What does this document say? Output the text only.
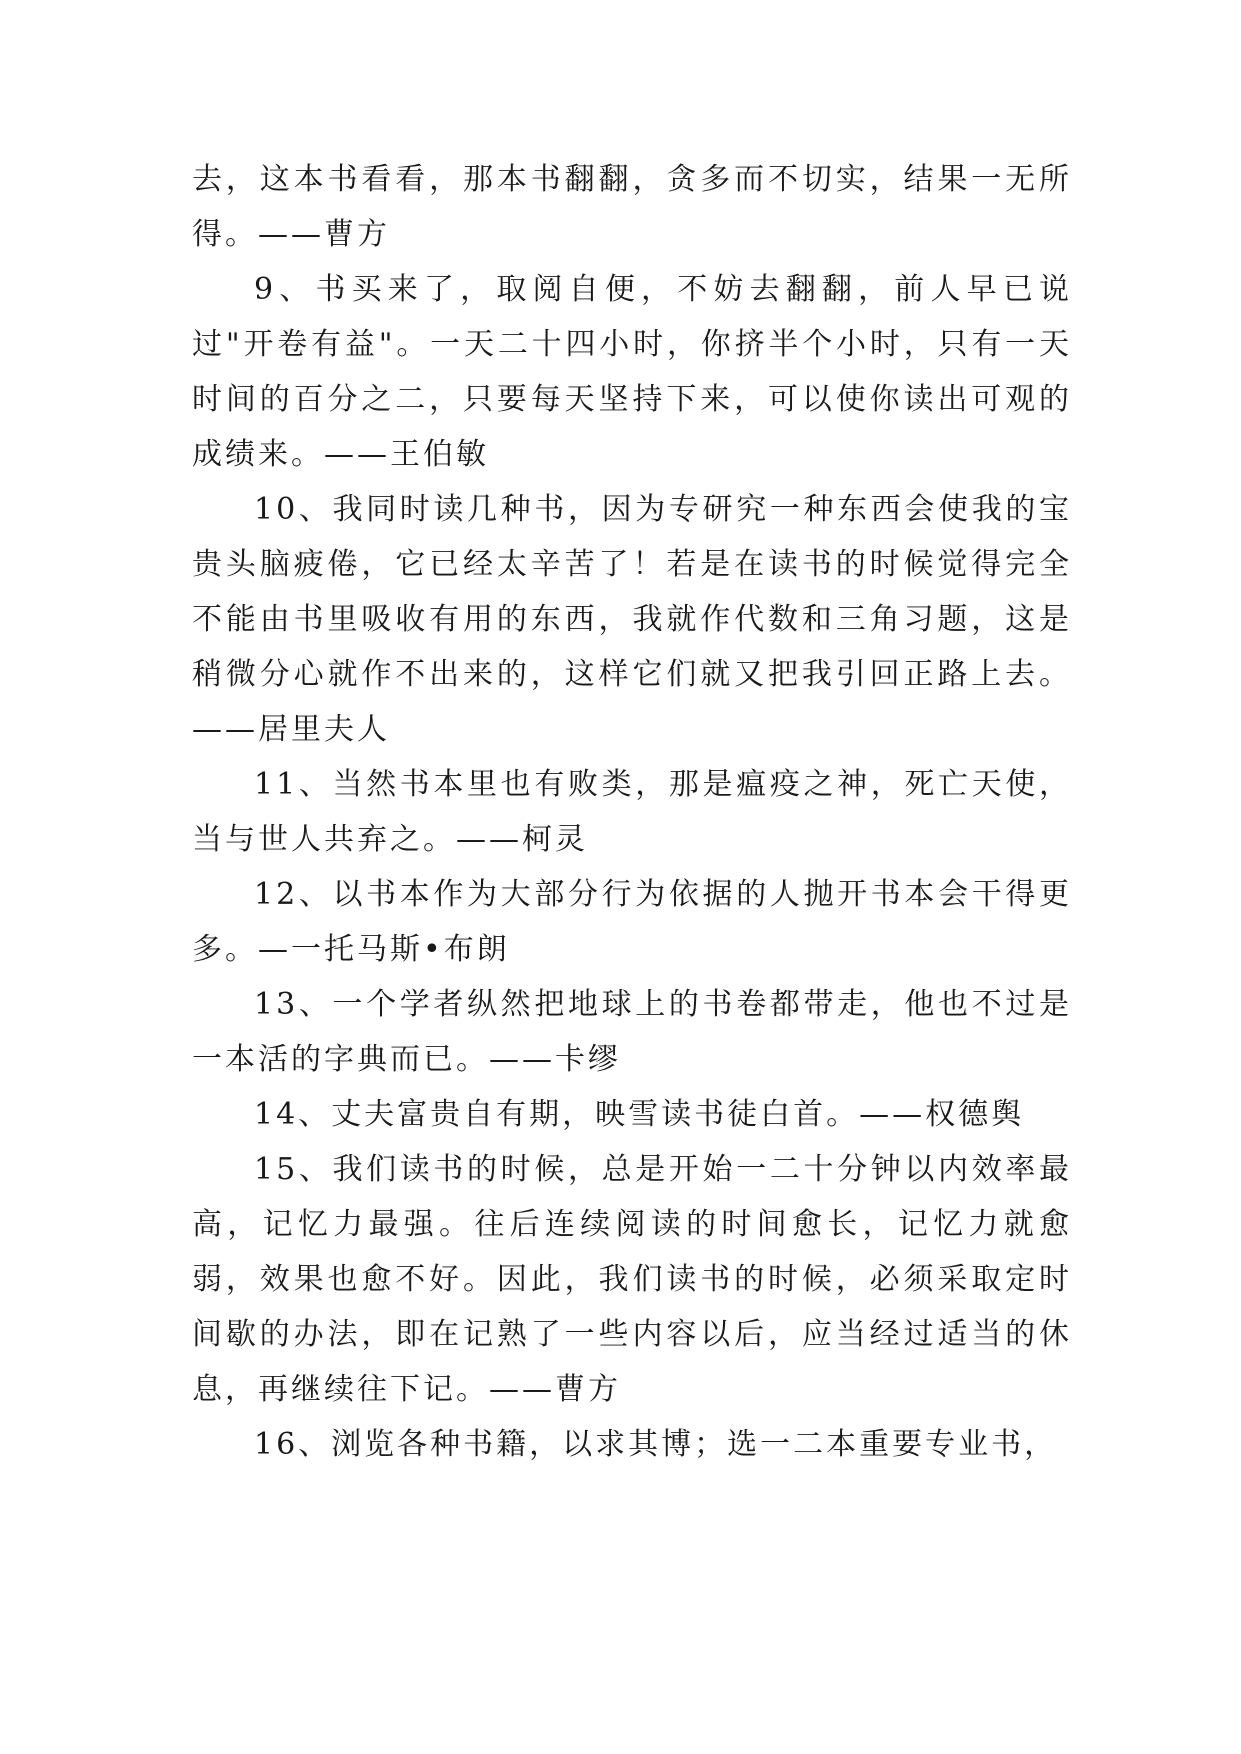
去，这本书看看，那本书翻翻，贪多而不切实，结果一无所得。——曹方

9、书买来了，取阅自便，不妨去翻翻，前人早已说过"开卷有益"。一天二十四小时，你挤半个小时，只有一天时间的百分之二，只要每天坚持下来，可以使你读出可观的成绩来。——王伯敏

10、我同时读几种书，因为专研究一种东西会使我的宝贵头脑疲倦，它已经太辛苦了！若是在读书的时候觉得完全不能由书里吸收有用的东西，我就作代数和三角习题，这是稍微分心就作不出来的，这样它们就又把我引回正路上去。——居里夫人

11、当然书本里也有败类，那是瘟疫之神，死亡天使，当与世人共弃之。——柯灵

12、以书本作为大部分行为依据的人抛开书本会干得更多。—一托马斯•布朗

13、一个学者纵然把地球上的书卷都带走，他也不过是一本活的字典而已。——卡缪

14、丈夫富贵自有期，映雪读书徒白首。——权德舆

15、我们读书的时候，总是开始一二十分钟以内效率最高，记忆力最强。往后连续阅读的时间愈长，记忆力就愈弱，效果也愈不好。因此，我们读书的时候，必须采取定时间歇的办法，即在记熟了一些内容以后，应当经过适当的休息，再继续往下记。——曹方

16、浏览各种书籍，以求其博；选一二本重要专业书，
